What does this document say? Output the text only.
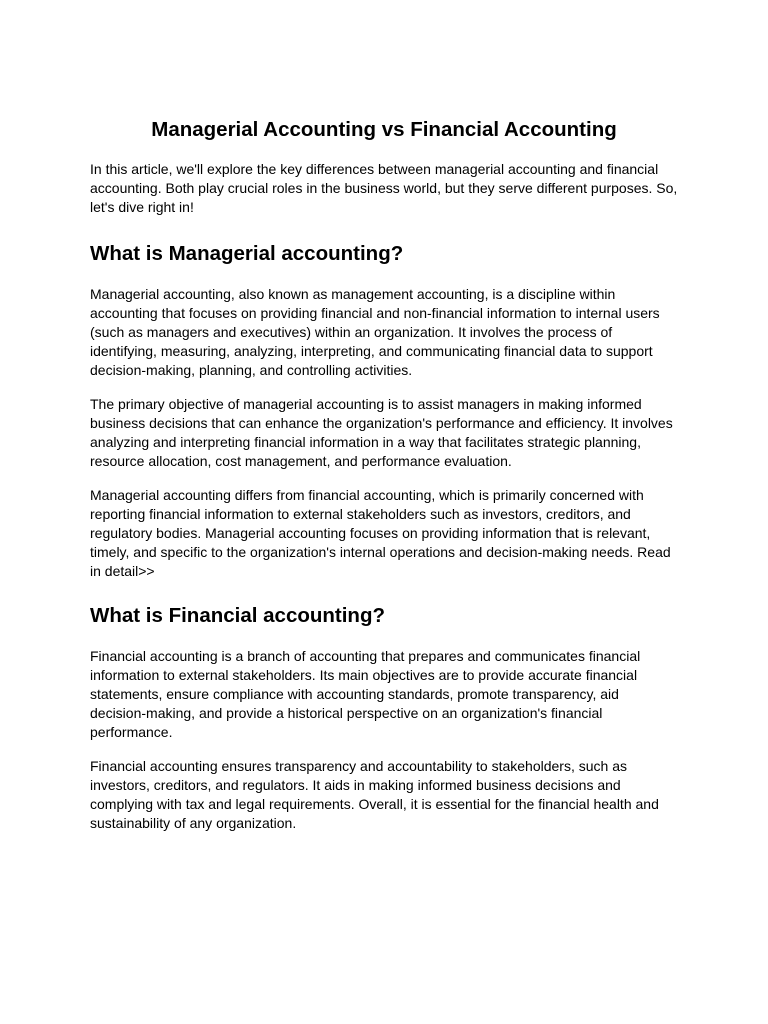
Managerial Accounting vs Financial Accounting

In this article, we'll explore the key differences between managerial accounting and financial accounting. Both play crucial roles in the business world, but they serve different purposes. So, let's dive right in!

What is Managerial accounting?

Managerial accounting, also known as management accounting, is a discipline within accounting that focuses on providing financial and non-financial information to internal users (such as managers and executives) within an organization. It involves the process of identifying, measuring, analyzing, interpreting, and communicating financial data to support decision-making, planning, and controlling activities.

The primary objective of managerial accounting is to assist managers in making informed business decisions that can enhance the organization's performance and efficiency. It involves analyzing and interpreting financial information in a way that facilitates strategic planning, resource allocation, cost management, and performance evaluation.

Managerial accounting differs from financial accounting, which is primarily concerned with reporting financial information to external stakeholders such as investors, creditors, and regulatory bodies. Managerial accounting focuses on providing information that is relevant, timely, and specific to the organization's internal operations and decision-making needs. Read in detail>>

What is Financial accounting?

Financial accounting is a branch of accounting that prepares and communicates financial information to external stakeholders. Its main objectives are to provide accurate financial statements, ensure compliance with accounting standards, promote transparency, aid decision-making, and provide a historical perspective on an organization's financial performance.

Financial accounting ensures transparency and accountability to stakeholders, such as investors, creditors, and regulators. It aids in making informed business decisions and complying with tax and legal requirements. Overall, it is essential for the financial health and sustainability of any organization.
